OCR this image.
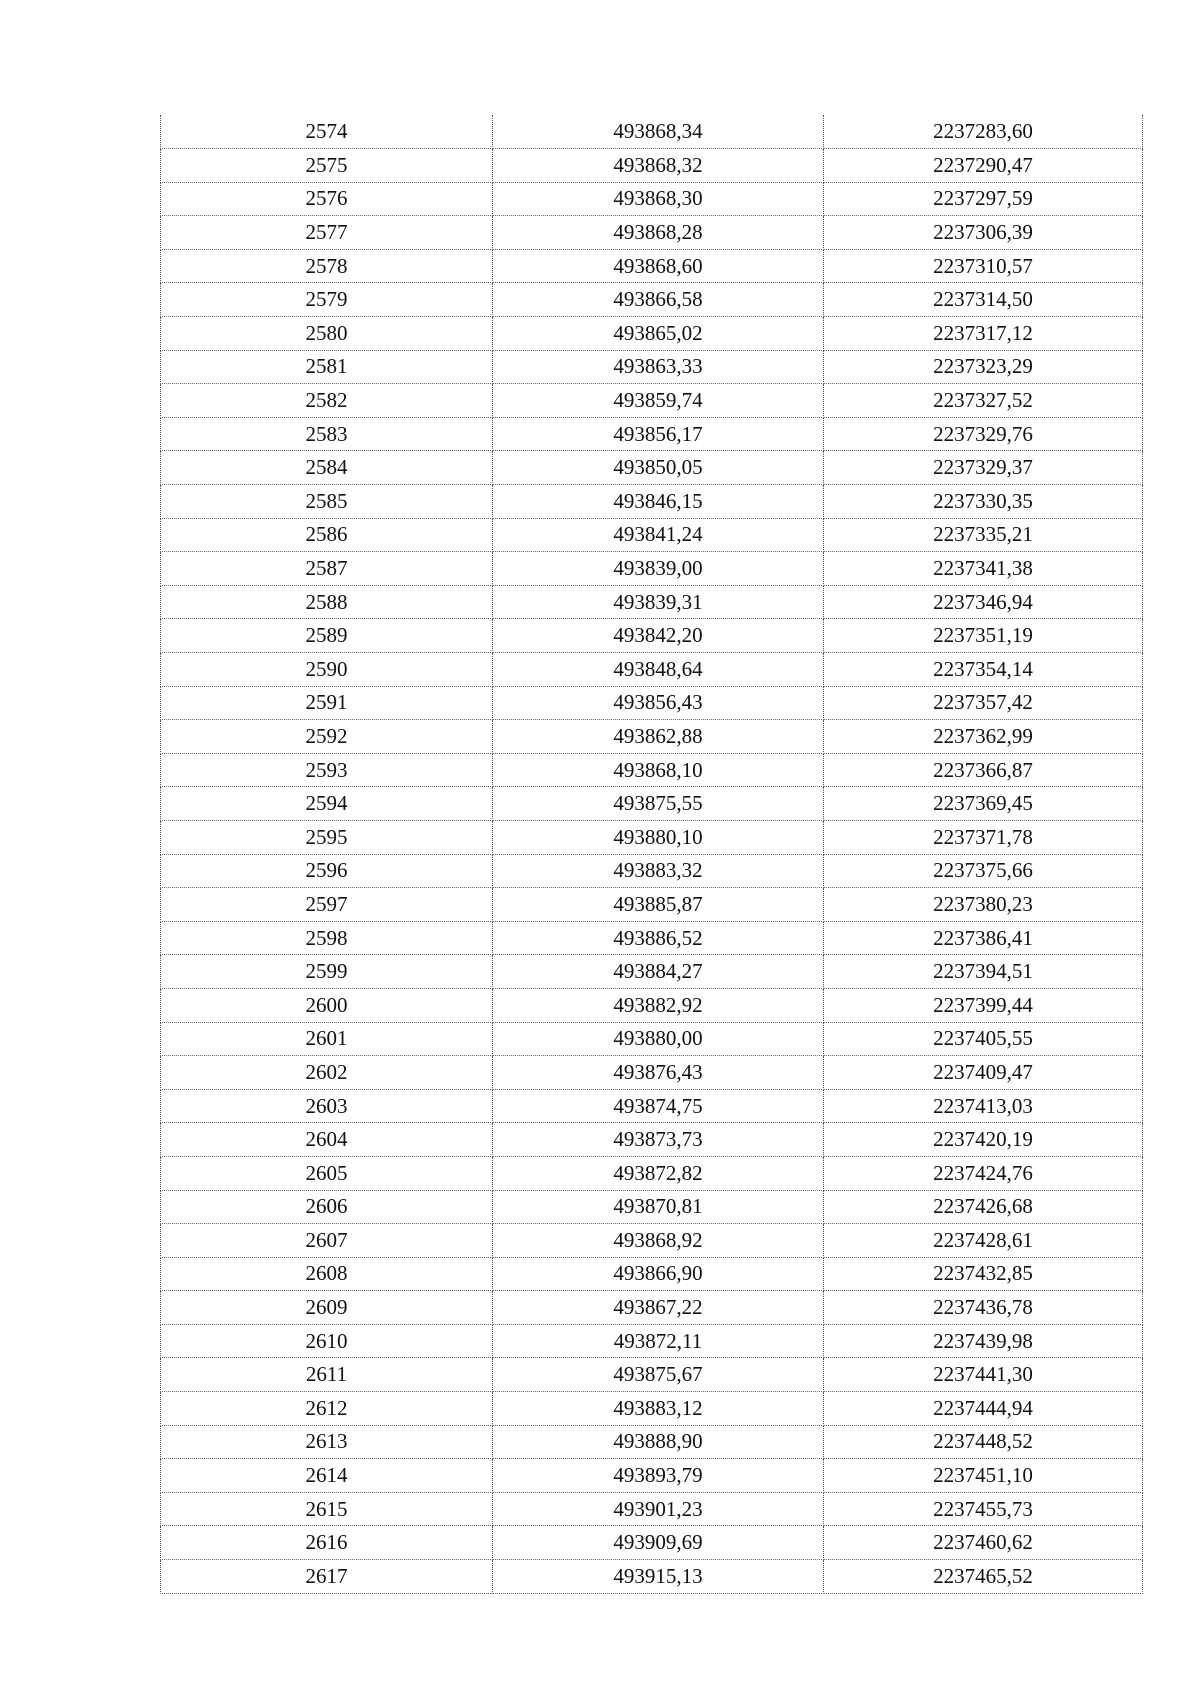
2574	493868,34	2237283,60
2575	493868,32	2237290,47
2576	493868,30	2237297,59
2577	493868,28	2237306,39
2578	493868,60	2237310,57
2579	493866,58	2237314,50
2580	493865,02	2237317,12
2581	493863,33	2237323,29
2582	493859,74	2237327,52
2583	493856,17	2237329,76
2584	493850,05	2237329,37
2585	493846,15	2237330,35
2586	493841,24	2237335,21
2587	493839,00	2237341,38
2588	493839,31	2237346,94
2589	493842,20	2237351,19
2590	493848,64	2237354,14
2591	493856,43	2237357,42
2592	493862,88	2237362,99
2593	493868,10	2237366,87
2594	493875,55	2237369,45
2595	493880,10	2237371,78
2596	493883,32	2237375,66
2597	493885,87	2237380,23
2598	493886,52	2237386,41
2599	493884,27	2237394,51
2600	493882,92	2237399,44
2601	493880,00	2237405,55
2602	493876,43	2237409,47
2603	493874,75	2237413,03
2604	493873,73	2237420,19
2605	493872,82	2237424,76
2606	493870,81	2237426,68
2607	493868,92	2237428,61
2608	493866,90	2237432,85
2609	493867,22	2237436,78
2610	493872,11	2237439,98
2611	493875,67	2237441,30
2612	493883,12	2237444,94
2613	493888,90	2237448,52
2614	493893,79	2237451,10
2615	493901,23	2237455,73
2616	493909,69	2237460,62
2617	493915,13	2237465,52
